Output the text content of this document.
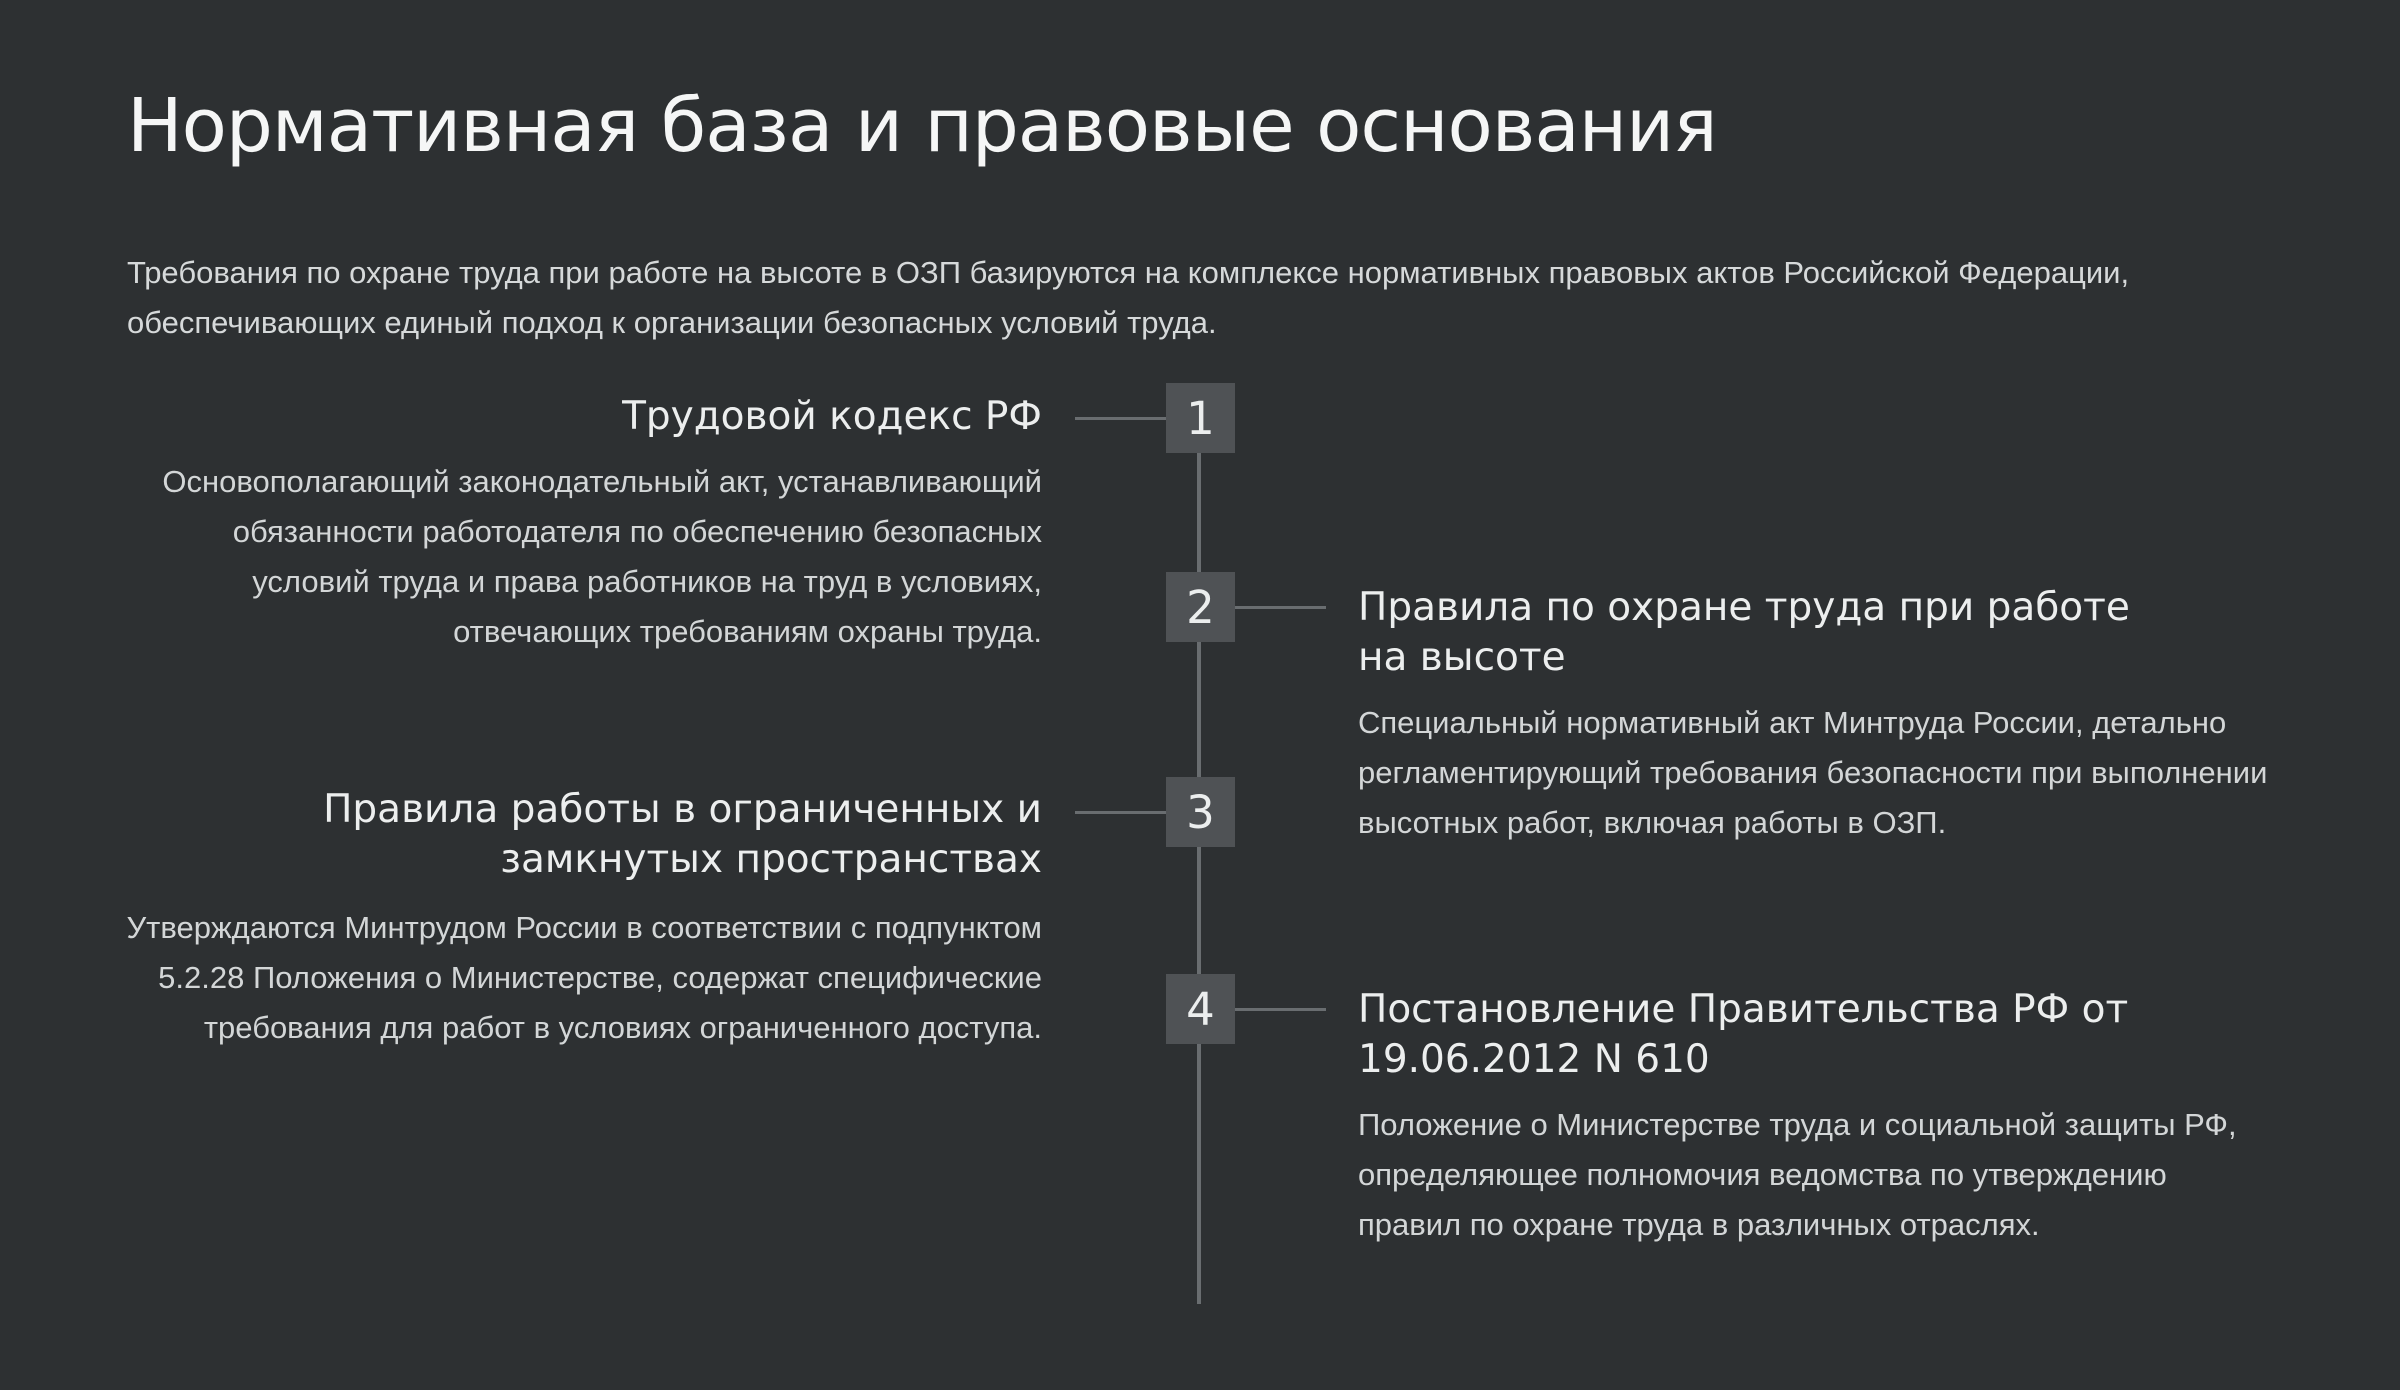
Нормативная база и правовые основания

Требования по охране труда при работе на высоте в ОЗП базируются на комплексе нормативных правовых актов Российской Федерации, обеспечивающих единый подход к организации безопасных условий труда.

1
Трудовой кодекс РФ

Основополагающий законодательный акт, устанавливающий обязанности работодателя по обеспечению безопасных условий труда и права работников на труд в условиях, отвечающих требованиям охраны труда.	2	Правила по охране труда при работе на высоте

Специальный нормативный акт Минтруда России, детально регламентирующий требования безопасности при выполнении высотных работ, включая работы в ОЗП.

3
Правила работы в ограниченных и замкнутых пространствах

Утверждаются Минтрудом России в соответствии с подпунктом 5.2.28 Положения о Министерстве, содержат специфические требования для работ в условиях ограниченного доступа.	4	Постановление Правительства РФ от 19.06.2012 N 610

Положение о Министерстве труда и социальной защиты РФ, определяющее полномочия ведомства по утверждению правил по охране труда в различных отраслях.
